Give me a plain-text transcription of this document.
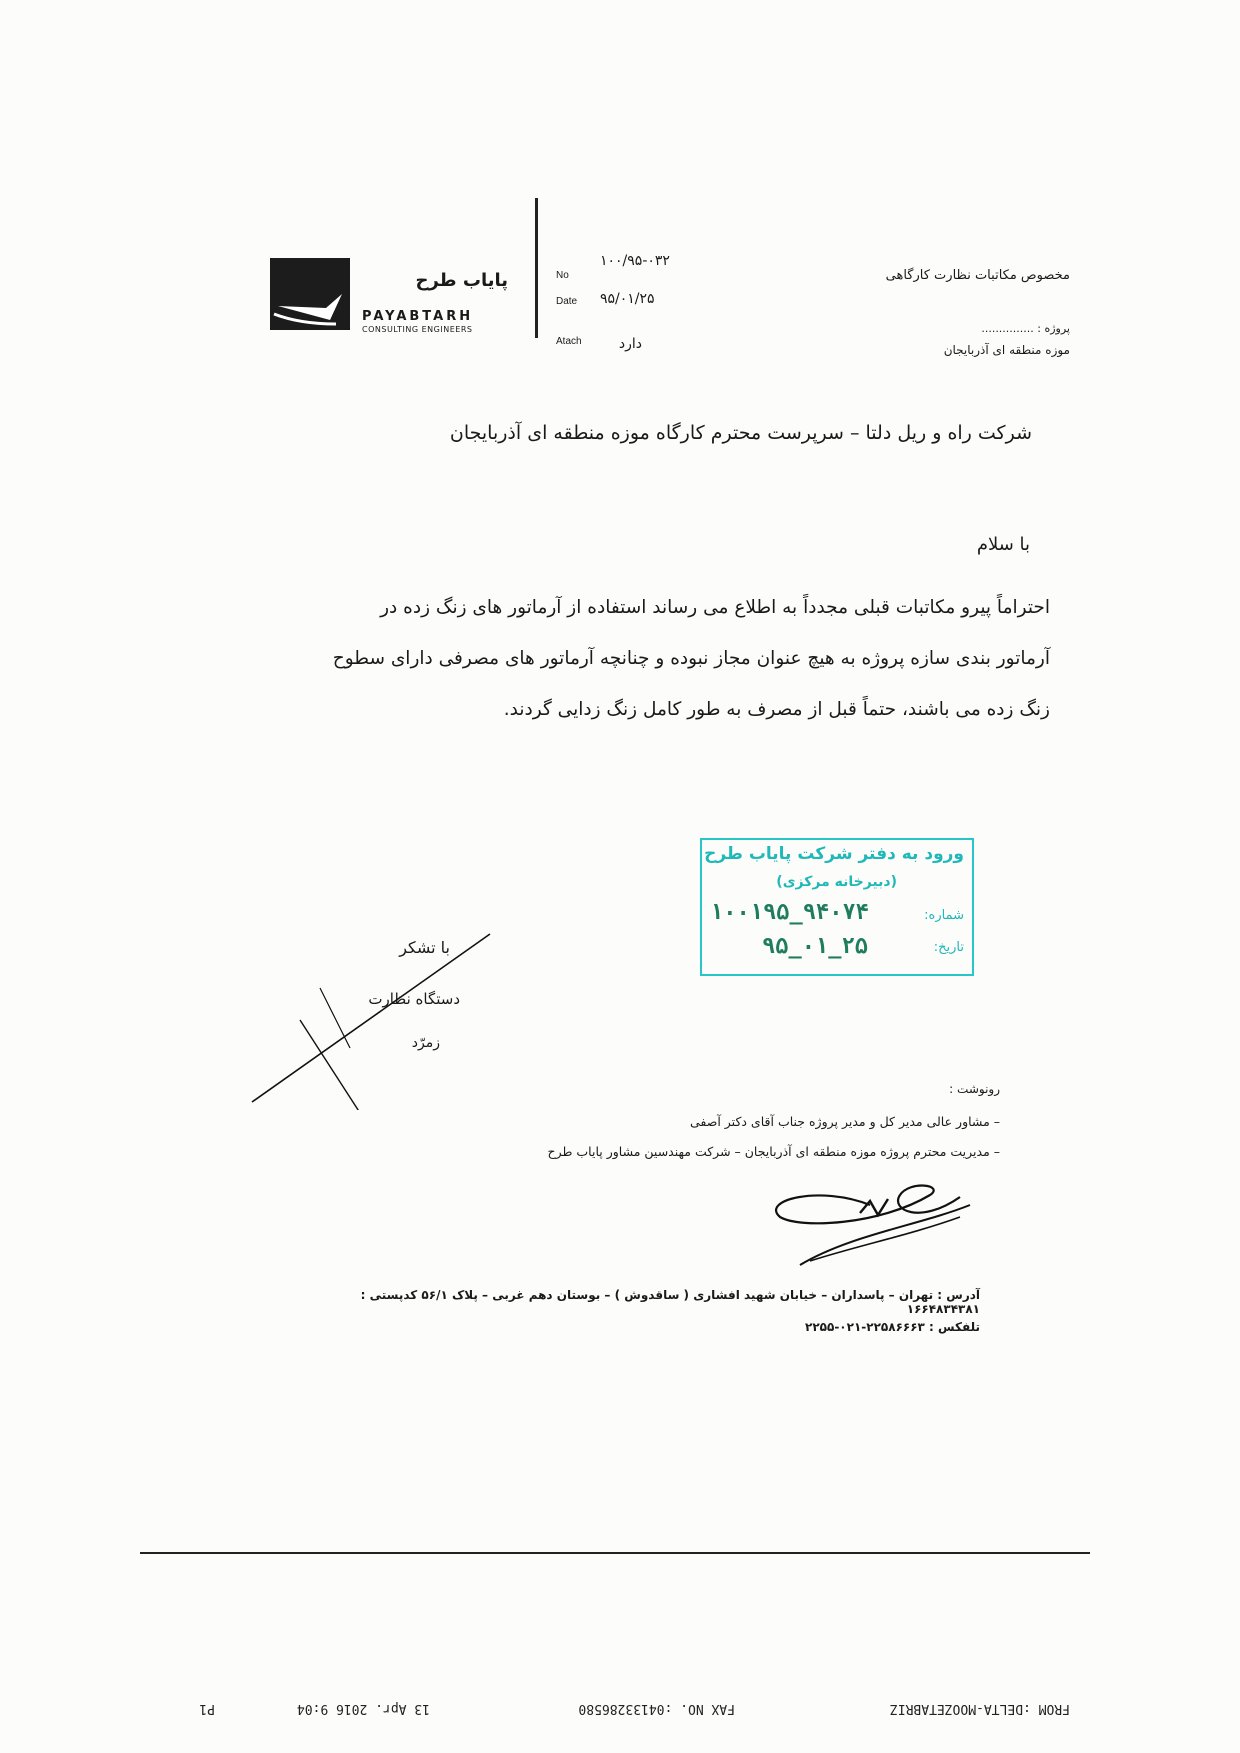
پایاب طرح
PAYABTARH
CONSULTING ENGINEERS
No
۱۰۰/۹۵-۰۳۲
Date ۹۵/۰۱/۲۵
Atach	دارد
مخصوص مکاتبات نظارت کارگاهی
پروژه : ...............
موزه منطقه ای آذربایجان
شرکت راه و ریل دلتا – سرپرست محترم کارگاه موزه منطقه ای آذربایجان
با سلام
احتراماً پیرو مکاتبات قبلی مجدداً به اطلاع می رساند استفاده از آرماتور های زنگ زده در
آرماتور بندی سازه پروژه به هیچ عنوان مجاز نبوده و چنانچه آرماتور های مصرفی دارای سطوح
زنگ زده می باشند، حتماً قبل از مصرف به طور کامل زنگ زدایی گردند.
ورود به دفتر شرکت پایاب طرح
(دبیرخانه مرکزی)
شماره:
۱۰۰۱۹۵_۹۴۰۷۴
تاریخ:
۹۵_۰۱_۲۵
با تشکر
دستگاه نظارت
زمرّد
رونوشت :
– مشاور عالی مدیر کل و مدیر پروژه جناب آقای دکتر آصفی
– مدیریت محترم پروژه موزه منطقه ای آذربایجان – شرکت مهندسین مشاور پایاب طرح
آدرس : تهران – پاسداران – خیابان شهید افشاری ( ساقدوش ) – بوستان دهم غربی – پلاک ۵۶/۱ کدپستی : ۱۶۶۴۸۳۴۳۸۱
تلفکس : ۲۲۵۸۶۶۶۳-۰۲۱-۲۲۵۵
FROM :DELTA-MOOZETABRIZ
FAX NO. :04133286580
13 Apr. 2016 9:04
P1
